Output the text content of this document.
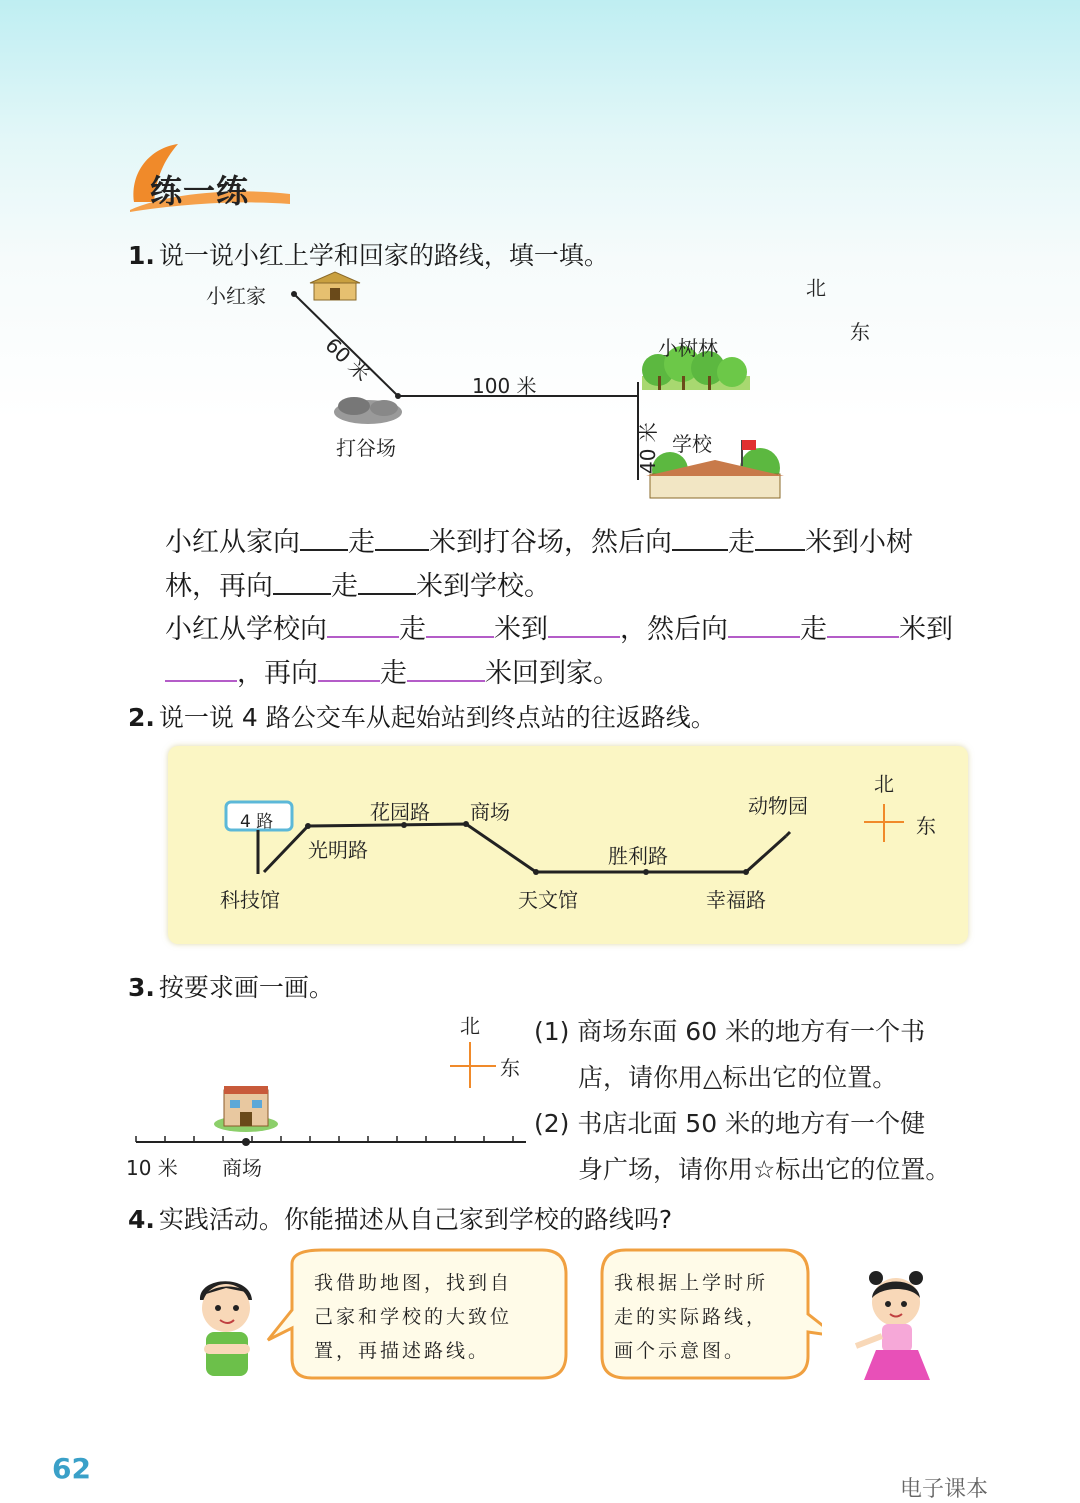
练一练
1. 说一说小红上学和回家的路线，填一填。
小红家
打谷场
小树林
学校
60 米	100 米
40 米
北
东
小红从家向 走 米到打谷场，然后向 走 米到小树
林，再向 走 米到学校。
小红从学校向	走	米到	，然后向	走	米到
，再向 走	米回到家。
2. 说一说 4 路公交车从起始站到终点站的往返路线。
4 路
科技馆
光明路
花园路 商场
天文馆
胜利路
幸福路
动物园
北
东
3. 按要求画一画。
北
东
10 米 商场
(1) 商场东面 60 米的地方有一个书
店，请你用△标出它的位置。
(2) 书店北面 50 米的地方有一个健
身广场，请你用☆标出它的位置。
4. 实践活动。你能描述从自己家到学校的路线吗?
我借助地图，找到自
己家和学校的大致位
置，再描述路线。
我根据上学时所
走的实际路线，
画个示意图。
62
电子课本
